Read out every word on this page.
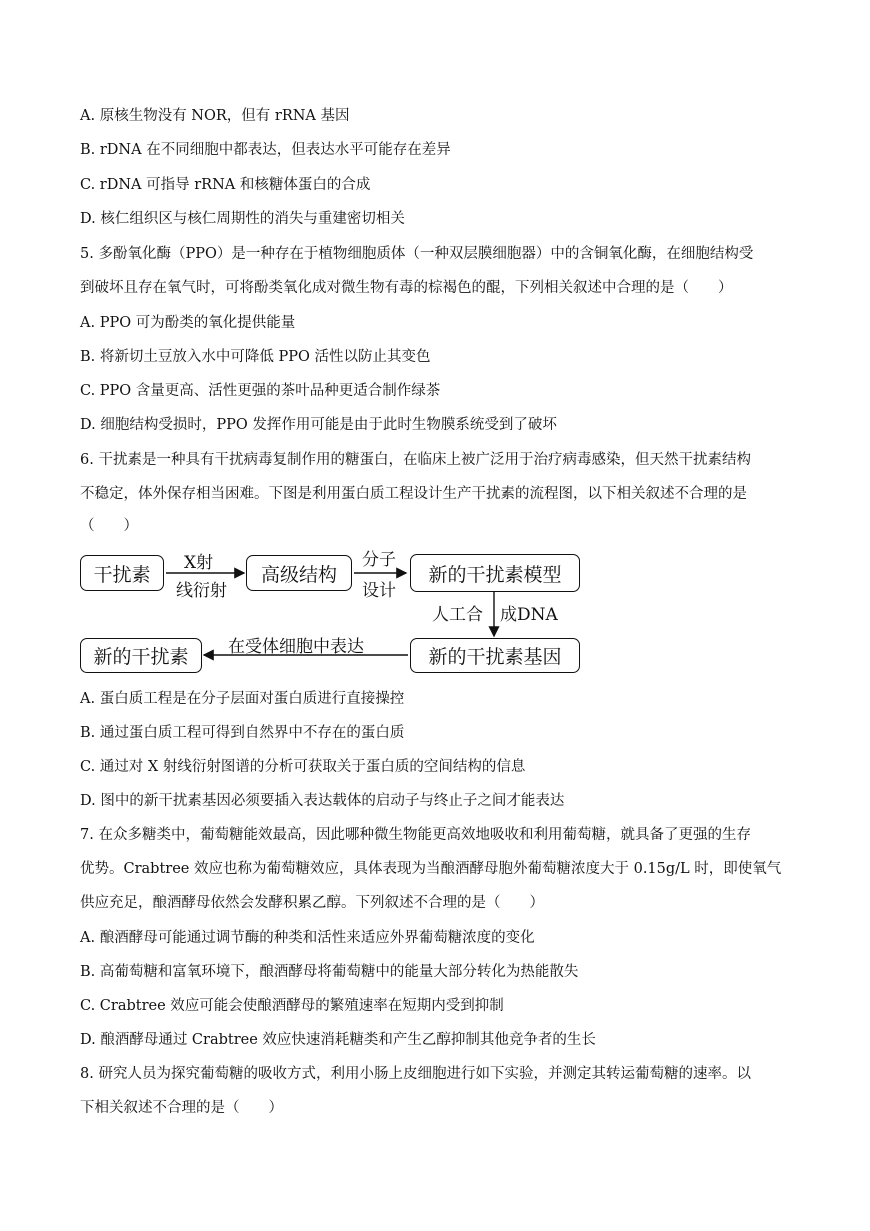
A. 原核生物没有 NOR，但有 rRNA 基因
B. rDNA 在不同细胞中都表达，但表达水平可能存在差异
C. rDNA 可指导 rRNA 和核糖体蛋白的合成
D. 核仁组织区与核仁周期性的消失与重建密切相关
5. 多酚氧化酶（PPO）是一种存在于植物细胞质体（一种双层膜细胞器）中的含铜氧化酶，在细胞结构受
到破坏且存在氧气时，可将酚类氧化成对微生物有毒的棕褐色的醌，下列相关叙述中合理的是（　　）
A. PPO 可为酚类的氧化提供能量
B. 将新切土豆放入水中可降低 PPO 活性以防止其变色
C. PPO 含量更高、活性更强的茶叶品种更适合制作绿茶
D. 细胞结构受损时，PPO 发挥作用可能是由于此时生物膜系统受到了破坏
6. 干扰素是一种具有干扰病毒复制作用的糖蛋白，在临床上被广泛用于治疗病毒感染，但天然干扰素结构
不稳定，体外保存相当困难。下图是利用蛋白质工程设计生产干扰素的流程图，以下相关叙述不合理的是
（　　）
干扰素
X射
线衍射
高级结构
分子
设计
新的干扰素模型
人工合 成DNA
新的干扰素基因
在受体细胞中表达
新的干扰素
A. 蛋白质工程是在分子层面对蛋白质进行直接操控
B. 通过蛋白质工程可得到自然界中不存在的蛋白质
C. 通过对 X 射线衍射图谱的分析可获取关于蛋白质的空间结构的信息
D. 图中的新干扰素基因必须要插入表达载体的启动子与终止子之间才能表达
7. 在众多糖类中，葡萄糖能效最高，因此哪种微生物能更高效地吸收和利用葡萄糖，就具备了更强的生存
优势。Crabtree 效应也称为葡萄糖效应，具体表现为当酿酒酵母胞外葡萄糖浓度大于 0.15g/L 时，即使氧气
供应充足，酿酒酵母依然会发酵积累乙醇。下列叙述不合理的是（　　）
A. 酿酒酵母可能通过调节酶的种类和活性来适应外界葡萄糖浓度的变化
B. 高葡萄糖和富氧环境下，酿酒酵母将葡萄糖中的能量大部分转化为热能散失
C. Crabtree 效应可能会使酿酒酵母的繁殖速率在短期内受到抑制
D. 酿酒酵母通过 Crabtree 效应快速消耗糖类和产生乙醇抑制其他竞争者的生长
8. 研究人员为探究葡萄糖的吸收方式，利用小肠上皮细胞进行如下实验，并测定其转运葡萄糖的速率。以
下相关叙述不合理的是（　　）
